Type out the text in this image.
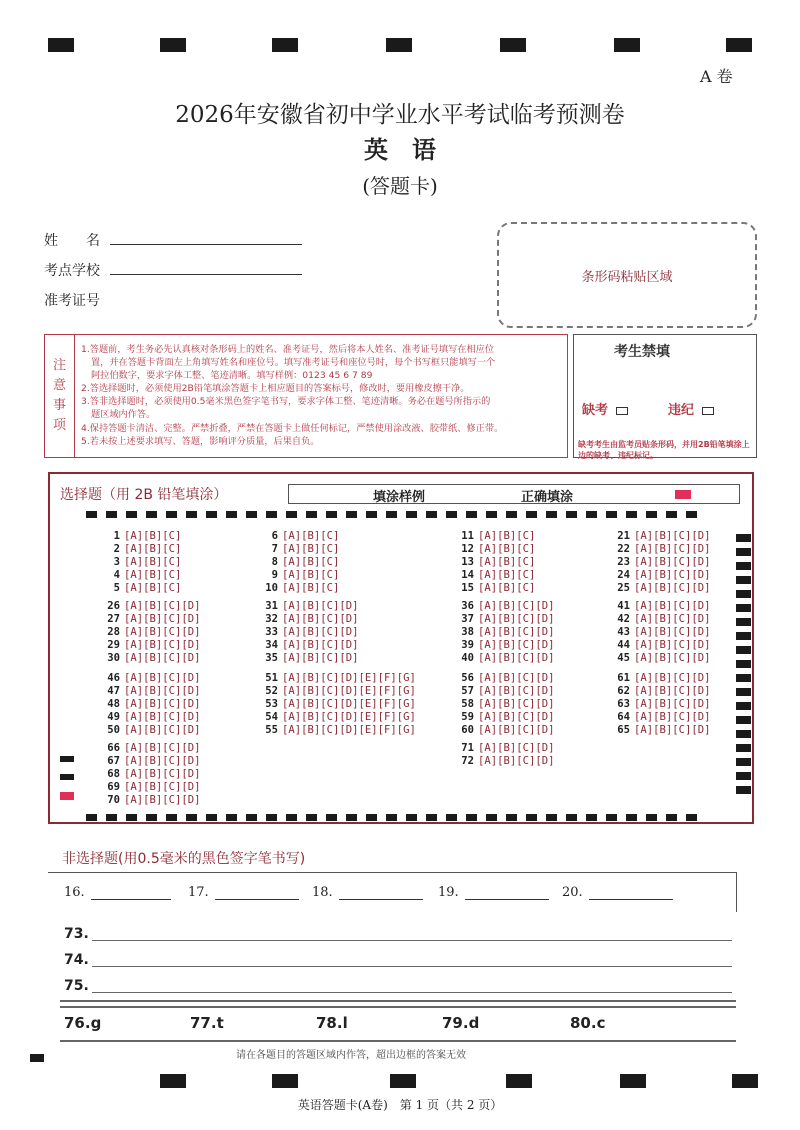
A 卷
2026年安徽省初中学业水平考试临考预测卷
英　语
(答题卡)
姓　　名
考点学校
准考证号
条形码粘贴区域
注
意
事
项
1.答题前，考生务必先认真核对条形码上的姓名、准考证号，然后将本人姓名、准考证号填写在相应位
置，并在答题卡背面左上角填写姓名和座位号。填写准考证号和座位号时，每个书写框只能填写一个
阿拉伯数字，要求字体工整、笔迹清晰。填写样例：0123 45 6 7 89
2.答选择题时，必须使用2B铅笔填涂答题卡上相应题目的答案标号，修改时，要用橡皮擦干净。
3.答非选择题时，必须使用0.5毫米黑色签字笔书写，要求字体工整、笔迹清晰。务必在题号所指示的
题区域内作答。
4.保持答题卡清洁、完整。严禁折叠，严禁在答题卡上做任何标记，严禁使用涂改液、胶带纸、修正带。
5.若未按上述要求填写、答题，影响评分质量，后果自负。
考生禁填
缺考	违纪
缺考考生由监考员贴条形码，并用2B铅笔填涂上边的缺考、违纪标记。
选择题（用 2B 铅笔填涂）	填涂样例	正确填涂
1 [A][B][C]
2 [A][B][C]
3 [A][B][C]
4 [A][B][C]
5 [A][B][C]
6 [A][B][C]
7 [A][B][C]
8 [A][B][C]
9 [A][B][C]
10 [A][B][C]
11 [A][B][C]
12 [A][B][C]
13 [A][B][C]
14 [A][B][C]
15 [A][B][C]
21 [A][B][C][D]
22 [A][B][C][D]
23 [A][B][C][D]
24 [A][B][C][D]
25 [A][B][C][D]
26 [A][B][C][D]
27 [A][B][C][D]
28 [A][B][C][D]
29 [A][B][C][D]
30 [A][B][C][D]
31 [A][B][C][D]
32 [A][B][C][D]
33 [A][B][C][D]
34 [A][B][C][D]
35 [A][B][C][D]
36 [A][B][C][D]
37 [A][B][C][D]
38 [A][B][C][D]
39 [A][B][C][D]
40 [A][B][C][D]
41 [A][B][C][D]
42 [A][B][C][D]
43 [A][B][C][D]
44 [A][B][C][D]
45 [A][B][C][D]
46 [A][B][C][D]
47 [A][B][C][D]
48 [A][B][C][D]
49 [A][B][C][D]
50 [A][B][C][D]
51 [A][B][C][D][E][F][G]
52 [A][B][C][D][E][F][G]
53 [A][B][C][D][E][F][G]
54 [A][B][C][D][E][F][G]
55 [A][B][C][D][E][F][G]
56 [A][B][C][D]
57 [A][B][C][D]
58 [A][B][C][D]
59 [A][B][C][D]
60 [A][B][C][D]
61 [A][B][C][D]
62 [A][B][C][D]
63 [A][B][C][D]
64 [A][B][C][D]
65 [A][B][C][D]
66 [A][B][C][D]
67 [A][B][C][D]
68 [A][B][C][D]
69 [A][B][C][D]
70 [A][B][C][D]
71 [A][B][C][D]
72 [A][B][C][D]
非选择题(用0.5毫米的黑色签字笔书写)
16.	17.	18.	19.	20.
73.
74.
75.
76.g	77.t	78.l	79.d	80.c
请在各题目的答题区域内作答，超出边框的答案无效
英语答题卡(A卷)　第 1 页（共 2 页）
